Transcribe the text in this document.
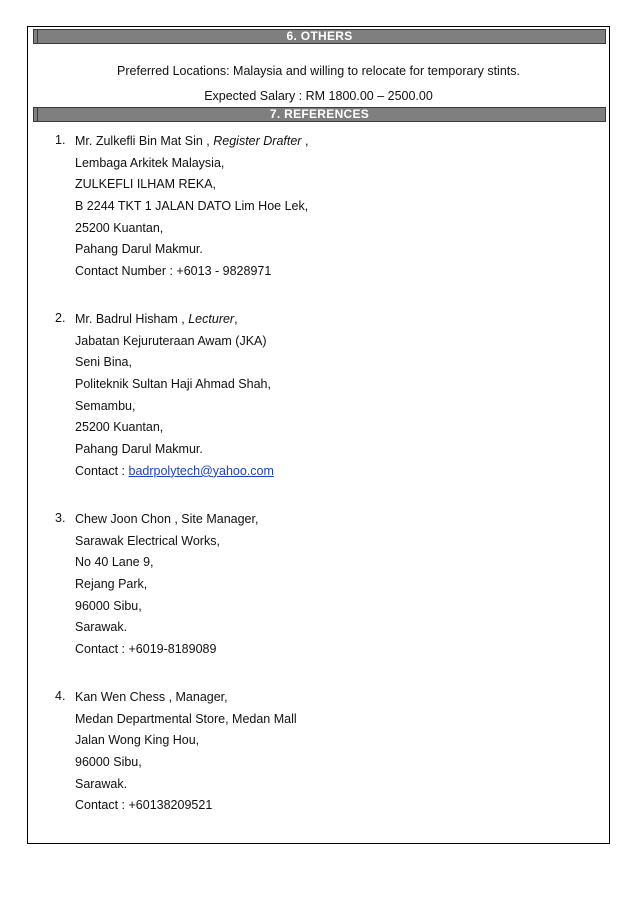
6. OTHERS
Preferred Locations: Malaysia and willing to relocate for temporary stints.
Expected Salary : RM 1800.00 – 2500.00
7. REFERENCES
1. Mr. Zulkefli Bin Mat Sin , Register Drafter ,
Lembaga Arkitek Malaysia,
ZULKEFLI ILHAM REKA,
B 2244 TKT 1 JALAN DATO Lim Hoe Lek,
25200 Kuantan,
Pahang Darul Makmur.
Contact Number : +6013 - 9828971
2. Mr. Badrul Hisham , Lecturer,
Jabatan Kejuruteraan Awam (JKA)
Seni Bina,
Politeknik Sultan Haji Ahmad Shah,
Semambu,
25200 Kuantan,
Pahang Darul Makmur.
Contact : badrpolytech@yahoo.com
3. Chew Joon Chon , Site Manager,
Sarawak Electrical Works,
No 40 Lane 9,
Rejang Park,
96000 Sibu,
Sarawak.
Contact : +6019-8189089
4. Kan Wen Chess , Manager,
Medan Departmental Store, Medan Mall
Jalan Wong King Hou,
96000 Sibu,
Sarawak.
Contact : +60138209521
